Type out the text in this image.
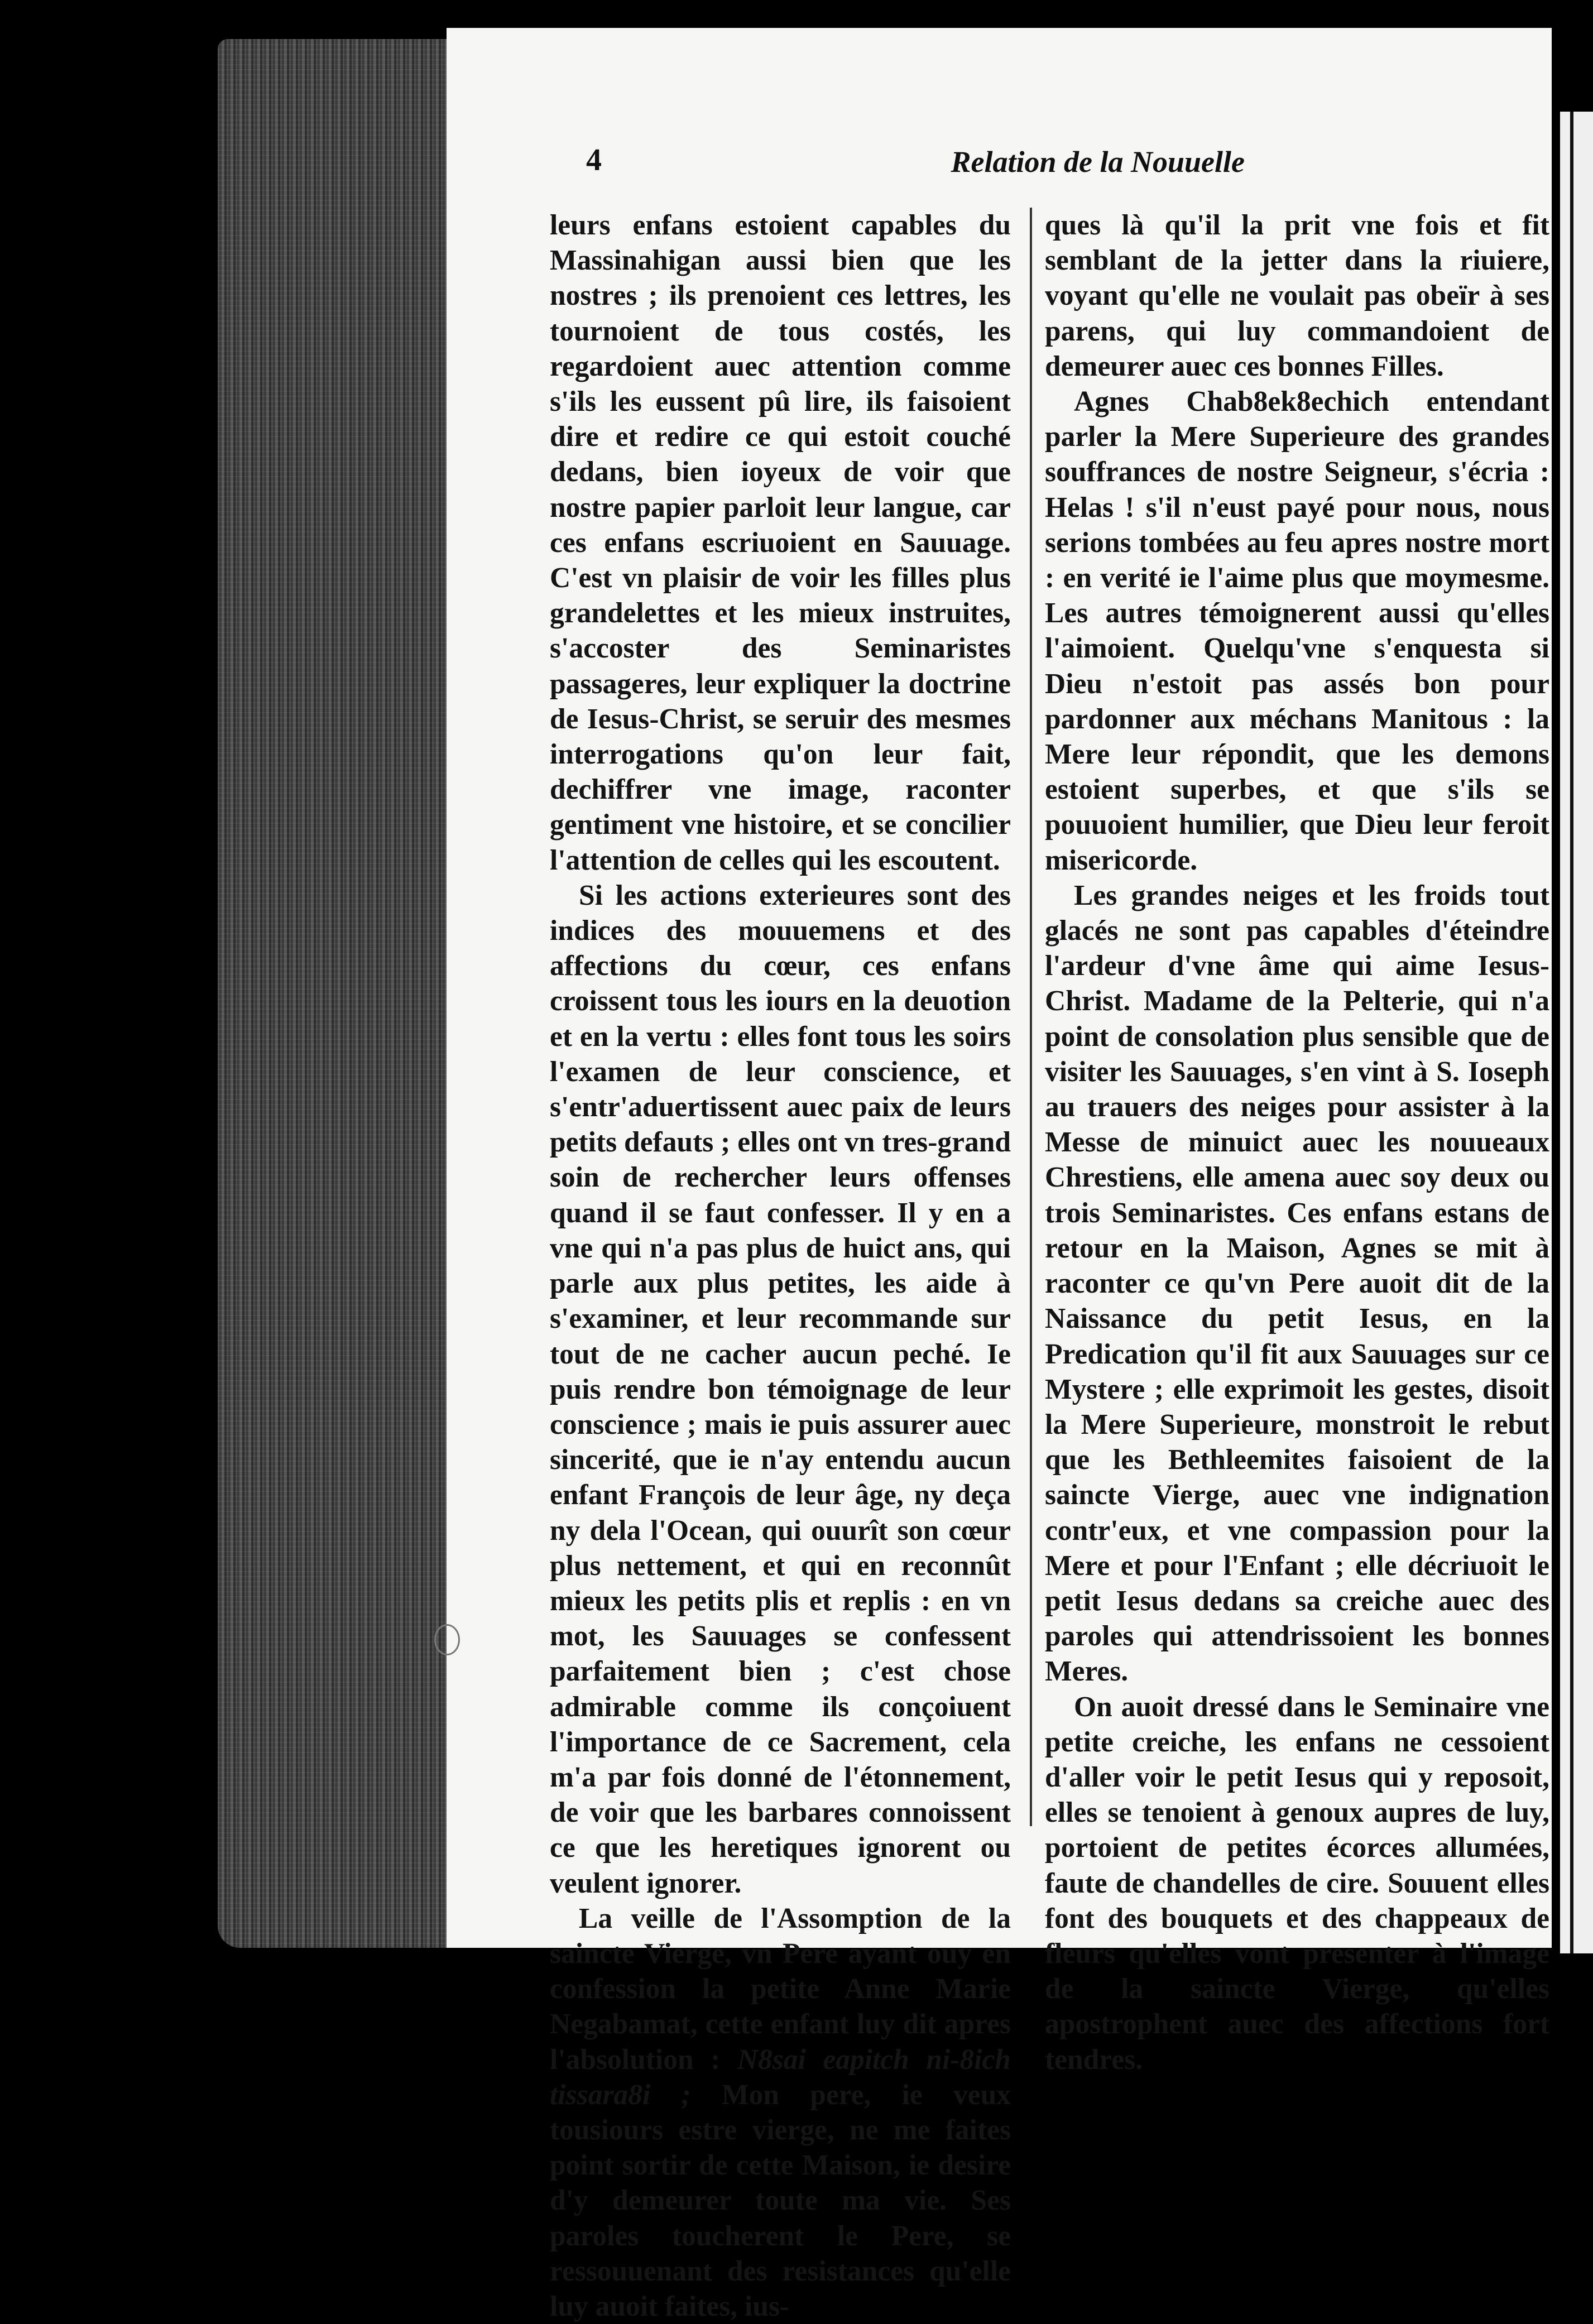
4	Relation de la Nouuelle

leurs enfans estoient capables du Massinahigan aussi bien que les nostres ; ils prenoient ces lettres, les tournoient de tous costés, les regardoient auec attention comme s'ils les eussent pû lire, ils faisoient dire et redire ce qui estoit couché dedans, bien ioyeux de voir que nostre papier parloit leur langue, car ces enfans escriuoient en Sauuage. C'est vn plaisir de voir les filles plus grandelettes et les mieux instruites, s'accoster des Seminaristes passageres, leur expliquer la doctrine de Iesus-Christ, se seruir des mesmes interrogations qu'on leur fait, dechiffrer vne image, raconter gentiment vne histoire, et se concilier l'attention de celles qui les escoutent.

Si les actions exterieures sont des indices des mouuemens et des affections du cœur, ces enfans croissent tous les iours en la deuotion et en la vertu : elles font tous les soirs l'examen de leur conscience, et s'entr'aduertissent auec paix de leurs petits defauts ; elles ont vn tres-grand soin de rechercher leurs offenses quand il se faut confesser. Il y en a vne qui n'a pas plus de huict ans, qui parle aux plus petites, les aide à s'examiner, et leur recommande sur tout de ne cacher aucun peché. Ie puis rendre bon témoignage de leur conscience ; mais ie puis assurer auec sincerité, que ie n'ay entendu aucun enfant François de leur âge, ny deça ny dela l'Ocean, qui ouurît son cœur plus nettement, et qui en reconnût mieux les petits plis et replis : en vn mot, les Sauuages se confessent parfaitement bien ; c'est chose admirable comme ils conçoiuent l'importance de ce Sacrement, cela m'a par fois donné de l'étonnement, de voir que les barbares connoissent ce que les heretiques ignorent ou veulent ignorer.

La veille de l'Assomption de la saincte Vierge, vn Pere ayant ouy en confession la petite Anne Marie Negabamat, cette enfant luy dit apres l'absolution : N8sai eapitch ni-8ich tissara8i ; Mon pere, ie veux tousiours estre vierge, ne me faites point sortir de cette Maison, ie desire d'y demeurer toute ma vie. Ses paroles toucherent le Pere, se ressouuenant des resistances qu'elle luy auoit faites, ius-

ques là qu'il la prit vne fois et fit semblant de la jetter dans la riuiere, voyant qu'elle ne voulait pas obeïr à ses parens, qui luy commandoient de demeurer auec ces bonnes Filles.

Agnes Chab8ek8echich entendant parler la Mere Superieure des grandes souffrances de nostre Seigneur, s'écria : Helas ! s'il n'eust payé pour nous, nous serions tombées au feu apres nostre mort : en verité ie l'aime plus que moymesme. Les autres témoignerent aussi qu'elles l'aimoient. Quelqu'vne s'enquesta si Dieu n'estoit pas assés bon pour pardonner aux méchans Manitous : la Mere leur répondit, que les demons estoient superbes, et que s'ils se pouuoient humilier, que Dieu leur feroit misericorde.

Les grandes neiges et les froids tout glacés ne sont pas capables d'éteindre l'ardeur d'vne âme qui aime Iesus-Christ. Madame de la Pelterie, qui n'a point de consolation plus sensible que de visiter les Sauuages, s'en vint à S. Ioseph au trauers des neiges pour assister à la Messe de minuict auec les nouueaux Chrestiens, elle amena auec soy deux ou trois Seminaristes. Ces enfans estans de retour en la Maison, Agnes se mit à raconter ce qu'vn Pere auoit dit de la Naissance du petit Iesus, en la Predication qu'il fit aux Sauuages sur ce Mystere ; elle exprimoit les gestes, disoit la Mere Superieure, monstroit le rebut que les Bethleemites faisoient de la saincte Vierge, auec vne indignation contr'eux, et vne compassion pour la Mere et pour l'Enfant ; elle décriuoit le petit Iesus dedans sa creiche auec des paroles qui attendrissoient les bonnes Meres.

On auoit dressé dans le Seminaire vne petite creiche, les enfans ne cessoient d'aller voir le petit Iesus qui y reposoit, elles se tenoient à genoux aupres de luy, portoient de petites écorces allumées, faute de chandelles de cire. Souuent elles font des bouquets et des chappeaux de fleurs qu'elles vont presenter à l'image de la saincte Vierge, qu'elles apostrophent auec des affections fort tendres.
